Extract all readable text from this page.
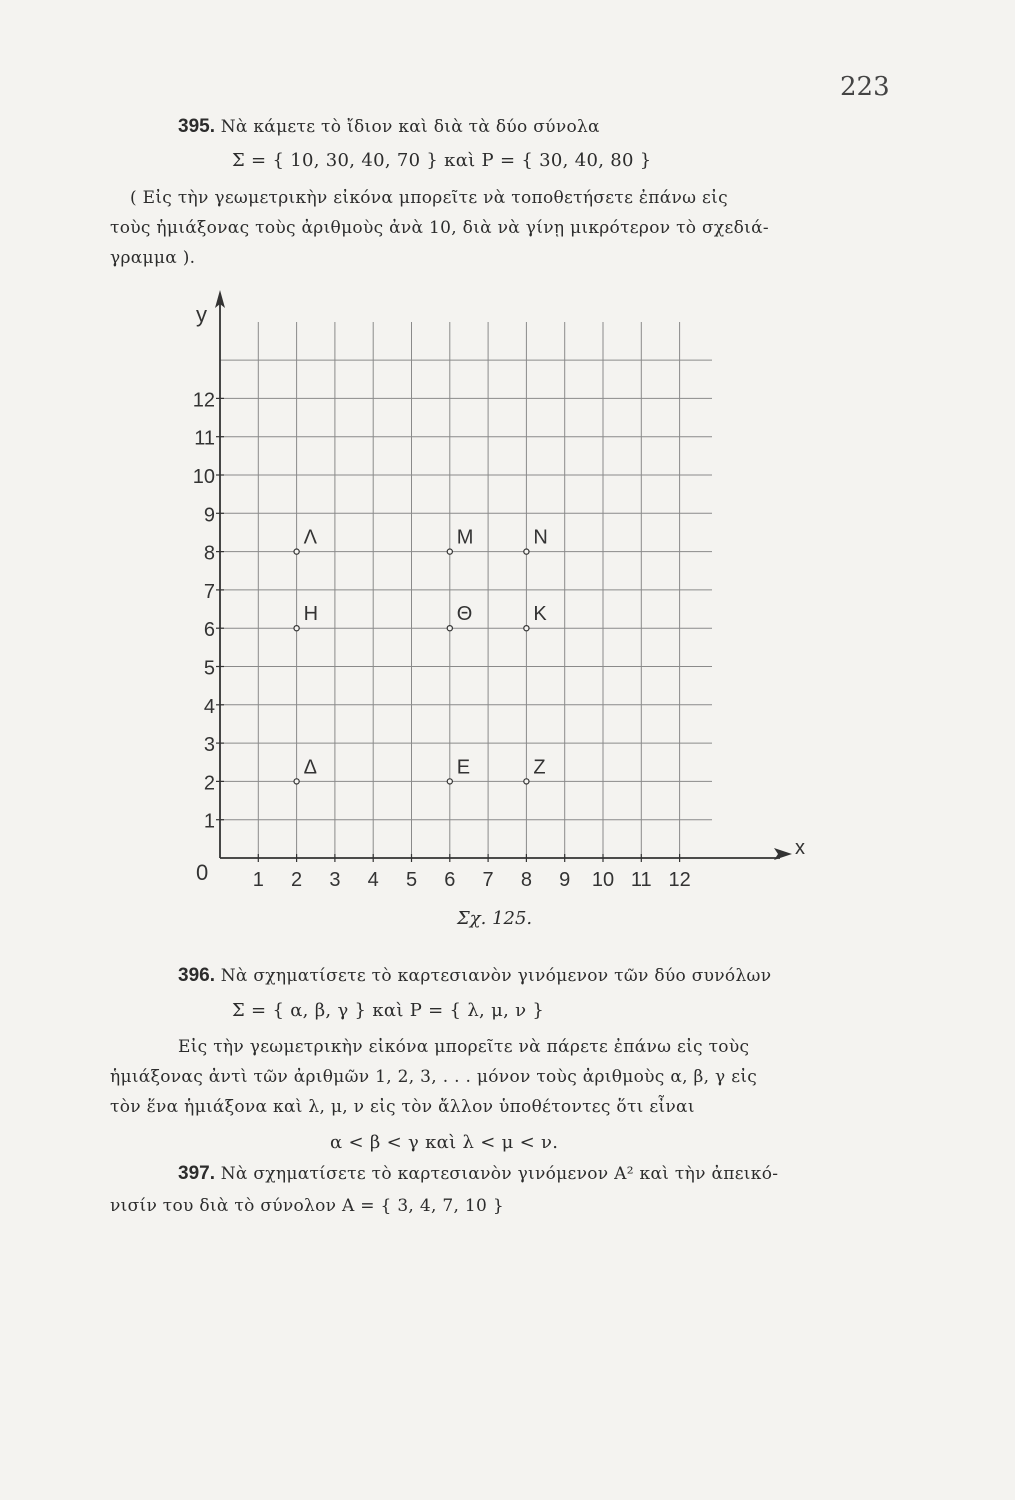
223
395. Νὰ κάμετε τὸ ἴδιον καὶ διὰ τὰ δύο σύνολα
Σ = { 10, 30, 40, 70 } καὶ Ρ = { 30, 40, 80 }
( Εἰς τὴν γεωμετρικὴν εἰκόνα μπορεῖτε νὰ τοποθετήσετε ἐπάνω εἰς
τοὺς ἡμιάξονας τοὺς ἀριθμοὺς ἀνὰ 10, διὰ νὰ γίνῃ μικρότερον τὸ σχεδιά-
γραμμα ).
y
x
0 1 2 3 4 5 6 7 8 9 10 11 12
1
2
3
4
5
6
7
8
9
10
11
12
Λ	Μ	Ν
Η	Θ	Κ
Δ	Ε	Ζ
Σχ. 125.
396. Νὰ σχηματίσετε τὸ καρτεσιανὸν γινόμενον τῶν δύο συνόλων
Σ = { α, β, γ } καὶ Ρ = { λ, μ, ν }
Εἰς τὴν γεωμετρικὴν εἰκόνα μπορεῖτε νὰ πάρετε ἐπάνω εἰς τοὺς
ἡμιάξονας ἀντὶ τῶν ἀριθμῶν 1, 2, 3, . . . μόνον τοὺς ἀριθμοὺς α, β, γ εἰς
τὸν ἕνα ἡμιάξονα καὶ λ, μ, ν εἰς τὸν ἄλλον ὑποθέτοντες ὅτι εἶναι
α < β < γ καὶ λ < μ < ν.
397. Νὰ σχηματίσετε τὸ καρτεσιανὸν γινόμενον Α² καὶ τὴν ἀπεικό-
νισίν του διὰ τὸ σύνολον Α = { 3, 4, 7, 10 }
